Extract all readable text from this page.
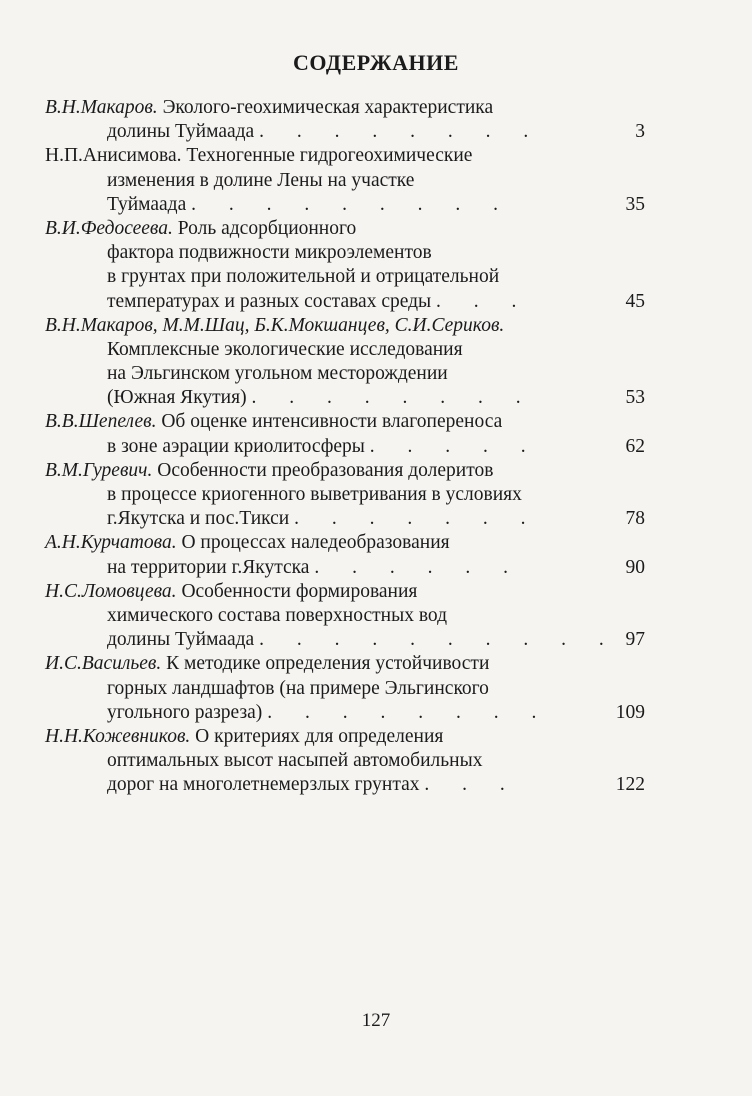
СОДЕРЖАНИЕ
В.Н.Макаров. Эколого-геохимическая характеристика
долины Туймаада . . . . . . . .	3
Н.П.Анисимова. Техногенные гидрогеохимические
изменения в долине Лены на участке
Туймаада . . . . . . . . .	35
В.И.Федосеева. Роль адсорбционного
фактора подвижности микроэлементов
в грунтах при положительной и отрицательной
температурах и разных составах среды . . .	45
В.Н.Макаров, М.М.Шац, Б.К.Мокшанцев, С.И.Сериков.
Комплексные экологические исследования
на Эльгинском угольном месторождении
(Южная Якутия) . . . . . . . .	53
В.В.Шепелев. Об оценке интенсивности влагопереноса
в зоне аэрации криолитосферы . . . . .	62
В.М.Гуревич. Особенности преобразования долеритов
в процессе криогенного выветривания в условиях
г.Якутска и пос.Тикси . . . . . . .	78
А.Н.Курчатова. О процессах наледеобразования
на территории г.Якутска . . . . . .	90
Н.С.Ломовцева. Особенности формирования
химического состава поверхностных вод
долины Туймаада . . . . . . . . . . 97
И.С.Васильев. К методике определения устойчивости
горных ландшафтов (на примере Эльгинского
угольного разреза) . . . . . . . .	109
Н.Н.Кожевников. О критериях для определения
оптимальных высот насыпей автомобильных
дорог на многолетнемерзлых грунтах . . .	122
127
